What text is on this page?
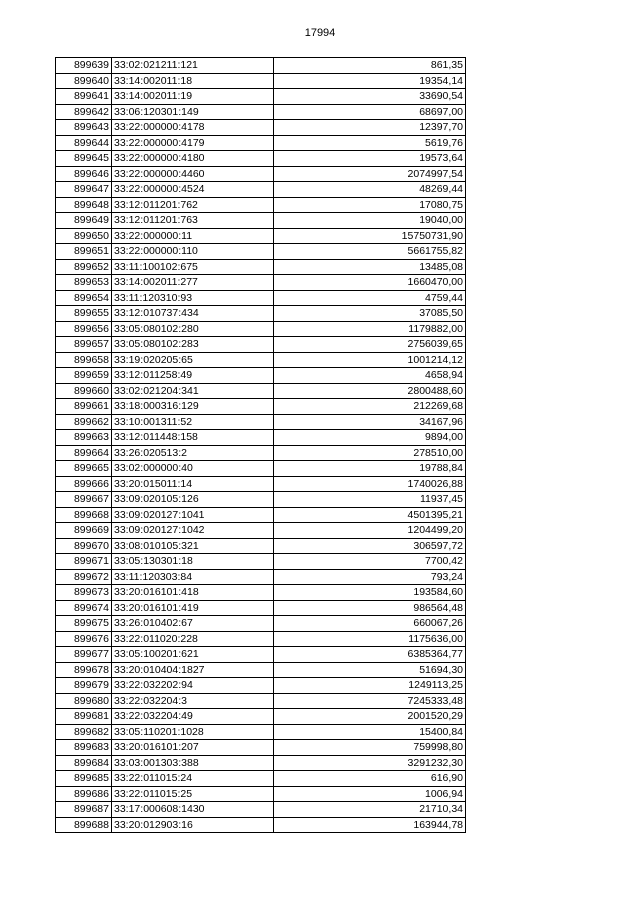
17994
899639	33:02:021211:121	861,35
899640	33:14:002011:18	19354,14
899641	33:14:002011:19	33690,54
899642	33:06:120301:149	68697,00
899643	33:22:000000:4178	12397,70
899644	33:22:000000:4179	5619,76
899645	33:22:000000:4180	19573,64
899646	33:22:000000:4460	2074997,54
899647	33:22:000000:4524	48269,44
899648	33:12:011201:762	17080,75
899649	33:12:011201:763	19040,00
899650	33:22:000000:11	15750731,90
899651	33:22:000000:110	5661755,82
899652	33:11:100102:675	13485,08
899653	33:14:002011:277	1660470,00
899654	33:11:120310:93	4759,44
899655	33:12:010737:434	37085,50
899656	33:05:080102:280	1179882,00
899657	33:05:080102:283	2756039,65
899658	33:19:020205:65	1001214,12
899659	33:12:011258:49	4658,94
899660	33:02:021204:341	2800488,60
899661	33:18:000316:129	212269,68
899662	33:10:001311:52	34167,96
899663	33:12:011448:158	9894,00
899664	33:26:020513:2	278510,00
899665	33:02:000000:40	19788,84
899666	33:20:015011:14	1740026,88
899667	33:09:020105:126	11937,45
899668	33:09:020127:1041	4501395,21
899669	33:09:020127:1042	1204499,20
899670	33:08:010105:321	306597,72
899671	33:05:130301:18	7700,42
899672	33:11:120303:84	793,24
899673	33:20:016101:418	193584,60
899674	33:20:016101:419	986564,48
899675	33:26:010402:67	660067,26
899676	33:22:011020:228	1175636,00
899677	33:05:100201:621	6385364,77
899678	33:20:010404:1827	51694,30
899679	33:22:032202:94	1249113,25
899680	33:22:032204:3	7245333,48
899681	33:22:032204:49	2001520,29
899682	33:05:110201:1028	15400,84
899683	33:20:016101:207	759998,80
899684	33:03:001303:388	3291232,30
899685	33:22:011015:24	616,90
899686	33:22:011015:25	1006,94
899687	33:17:000608:1430	21710,34
899688	33:20:012903:16	163944,78
